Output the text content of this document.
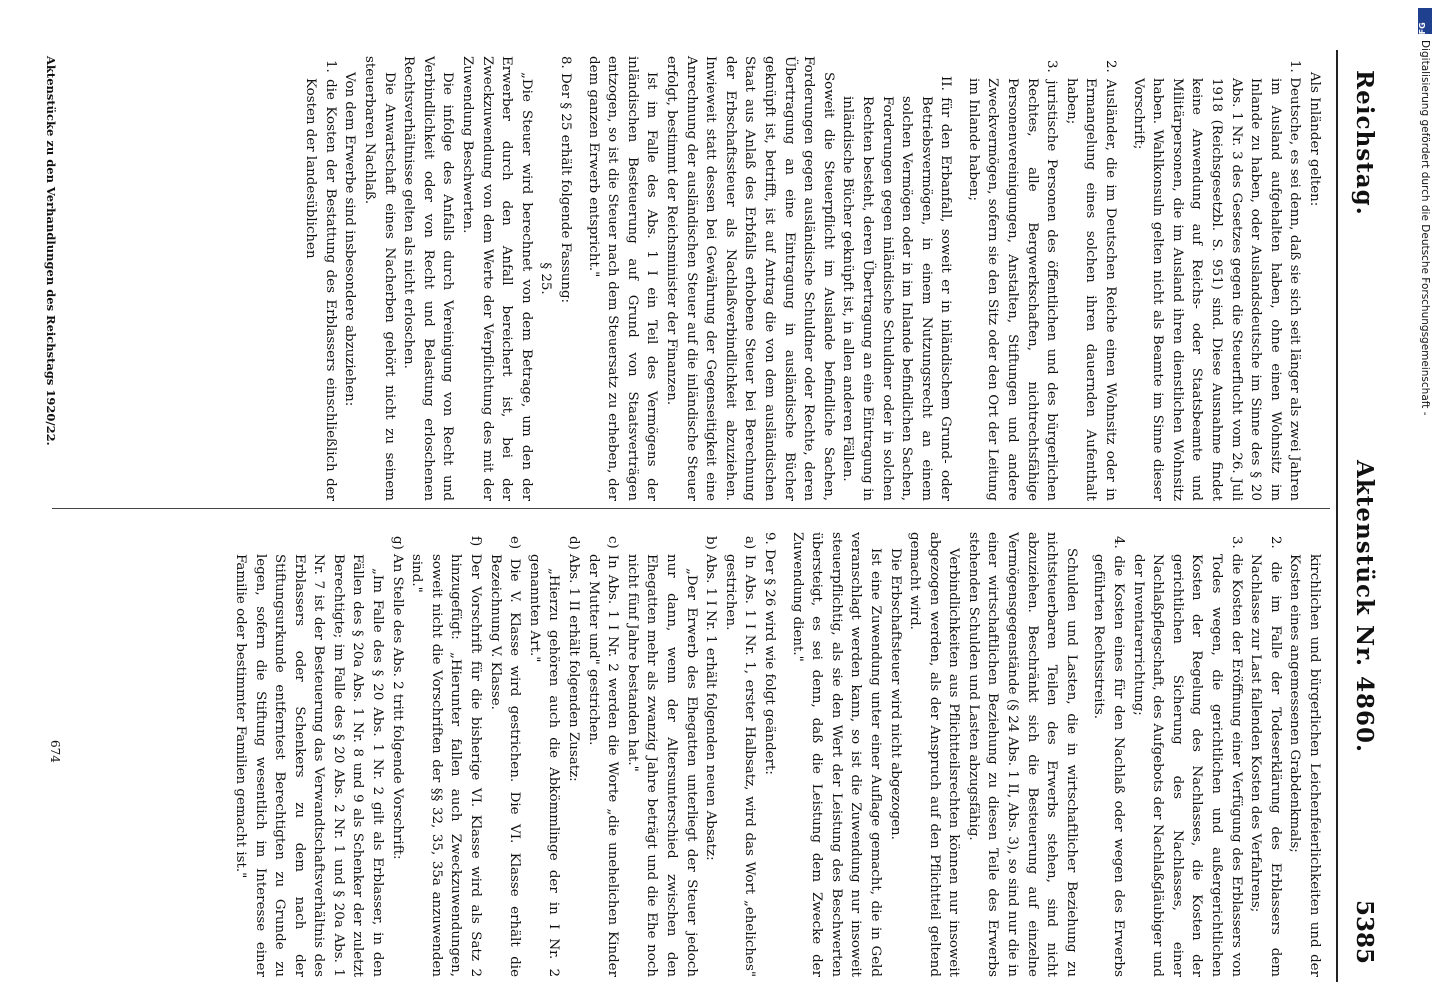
Reichstag.
Aktenstück Nr. 4860.
5385

Als Inländer gelten:

1. Deutsche, es sei denn, daß sie sich seit länger als zwei Jahren im Ausland aufgehalten haben, ohne einen Wohnsitz im Inlande zu haben, oder Auslandsdeutsche im Sinne des § 20 Abs. 1 Nr. 3 des Gesetzes gegen die Steuerflucht vom 26. Juli 1918 (Reichsgesetzbl. S. 951) sind. Diese Ausnahme findet keine Anwendung auf Reichs- oder Staatsbeamte und Militärpersonen, die im Ausland ihren dienstlichen Wohnsitz haben. Wahlkonsuln gelten nicht als Beamte im Sinne dieser Vorschrift;

2. Ausländer, die im Deutschen Reiche einen Wohnsitz oder in Ermangelung eines solchen ihren dauernden Aufenthalt haben;

3. juristische Personen des öffentlichen und des bürgerlichen Rechtes, alle Bergwerkschaften, nichtrechtsfähige Personenvereinigungen, Anstalten, Stiftungen und andere Zweckvermögen, sofern sie den Sitz oder den Ort der Leitung im Inlande haben;

II. für den Erbanfall, soweit er in inländischem Grund- oder Betriebsvermögen, in einem Nutzungsrecht an einem solchen Vermögen oder in im Inlande befindlichen Sachen, Forderungen gegen inländische Schuldner oder in solchen Rechten besteht, deren Übertragung an eine Eintragung in inländische Bücher geknüpft ist, in allen anderen Fällen.

Soweit die Steuerpflicht im Auslande befindliche Sachen, Forderungen gegen ausländische Schuldner oder Rechte, deren Übertragung an eine Eintragung in ausländische Bücher geknüpft ist, betrifft, ist auf Antrag die von dem ausländischen Staat aus Anlaß des Erbfalls erhobene Steuer bei Berechnung der Erbschaftssteuer als Nachlaßverbindlichkeit abzuziehen. Inwieweit statt dessen bei Gewährung der Gegenseitigkeit eine Anrechnung der ausländischen Steuer auf die inländische Steuer erfolgt, bestimmt der Reichsminister der Finanzen.

Ist im Falle des Abs. 1 I ein Teil des Vermögens der inländischen Besteuerung auf Grund von Staatsverträgen entzogen, so ist die Steuer nach dem Steuersatz zu erheben, der dem ganzen Erwerb entspricht."

8. Der § 25 erhält folgende Fassung:

§ 25.

„Die Steuer wird berechnet von dem Betrage, um den der Erwerber durch den Anfall bereichert ist, bei der Zweckzuwendung von dem Werte der Verpflichtung des mit der Zuwendung Beschwerten.

Die infolge des Anfalls durch Vereinigung von Recht und Verbindlichkeit oder von Recht und Belastung erloschenen Rechtsverhältnisse gelten als nicht erloschen.

Die Anwartschaft eines Nacherben gehört nicht zu seinem steuerbaren Nachlaß.

Von dem Erwerbe sind insbesondere abzuziehen:

1. die Kosten der Bestattung des Erblassers einschließlich der Kosten der landesüblichen

kirchlichen und bürgerlichen Leichenfeierlichkeiten und der Kosten eines angemessenen Grabdenkmals;

2. die im Falle der Todeserklärung des Erblassers dem Nachlasse zur Last fallenden Kosten des Verfahrens;

3. die Kosten der Eröffnung einer Verfügung des Erblassers von Todes wegen, die gerichtlichen und außergerichtlichen Kosten der Regelung des Nachlasses, die Kosten der gerichtlichen Sicherung des Nachlasses, einer Nachlaßpflegschaft, des Aufgebots der Nachlaßgläubiger und der Inventarerrichtung;

4. die Kosten eines für den Nachlaß oder wegen des Erwerbs geführten Rechtsstreits.

Schulden und Lasten, die in wirtschaftlicher Beziehung zu nichtsteuerbaren Teilen des Erwerbs stehen, sind nicht abzuziehen. Beschränkt sich die Besteuerung auf einzelne Vermögensgegenstände (§ 24 Abs. 1 II, Abs. 3), so sind nur die in einer wirtschaftlichen Beziehung zu diesen Teile des Erwerbs stehenden Schulden und Lasten abzugsfähig.

Verbindlichkeiten aus Pflichtteilsrechten können nur insoweit abgezogen werden, als der Anspruch auf den Pflichtteil geltend gemacht wird.

Die Erbschaftsteuer wird nicht abgezogen.

Ist eine Zuwendung unter einer Auflage gemacht, die in Geld veranschlagt werden kann, so ist die Zuwendung nur insoweit steuerpflichtig, als sie den Wert der Leistung des Beschwerten übersteigt, es sei denn, daß die Leistung dem Zwecke der Zuwendung dient."

9. Der § 26 wird wie folgt geändert:

a) In Abs. 1 I Nr. 1, erster Halbsatz, wird das Wort „eheliches" gestrichen.

b) Abs. 1 I Nr. 1 erhält folgenden neuen Absatz:

„Der Erwerb des Ehegatten unterliegt der Steuer jedoch nur dann, wenn der Altersunterschied zwischen den Ehegatten mehr als zwanzig Jahre beträgt und die Ehe noch nicht fünf Jahre bestanden hat."

c) In Abs. 1 I Nr. 2 werden die Worte „die unehelichen Kinder der Mutter und" gestrichen.

d) Abs. 1 II erhält folgenden Zusatz:

„Hierzu gehören auch die Abkömmlinge der in I Nr. 2 genannten Art."

e) Die V. Klasse wird gestrichen. Die VI. Klasse erhält die Bezeichnung V. Klasse.

f) Der Vorschrift für die bisherige VI. Klasse wird als Satz 2 hinzugefügt: „Hierunter fallen auch Zweckzuwendungen, soweit nicht die Vorschriften der §§ 32, 35, 35a anzuwenden sind."

g) An Stelle des Abs. 2 tritt folgende Vorschrift:

„Im Falle des § 20 Abs. 1 Nr. 2 gilt als Erblasser, in den Fällen des § 20a Abs. 1 Nr. 8 und 9 als Schenker der zuletzt Berechtigte; im Falle des § 20 Abs. 2 Nr. 1 und § 20a Abs. 1 Nr. 7 ist der Besteuerung das Verwandtschaftsverhältnis des Erblassers oder Schenkers zu dem nach der Stiftungsurkunde entferntest Berechtigten zu Grunde zu legen, sofern die Stiftung wesentlich im Interesse einer Familie oder bestimmter Familien gemacht ist."

Aktenstücke zu den Verhandlungen des Reichstags 1920/22.
674
DFG
Digitalisierung gefördert durch die Deutsche Forschungsgemeinschaft -
